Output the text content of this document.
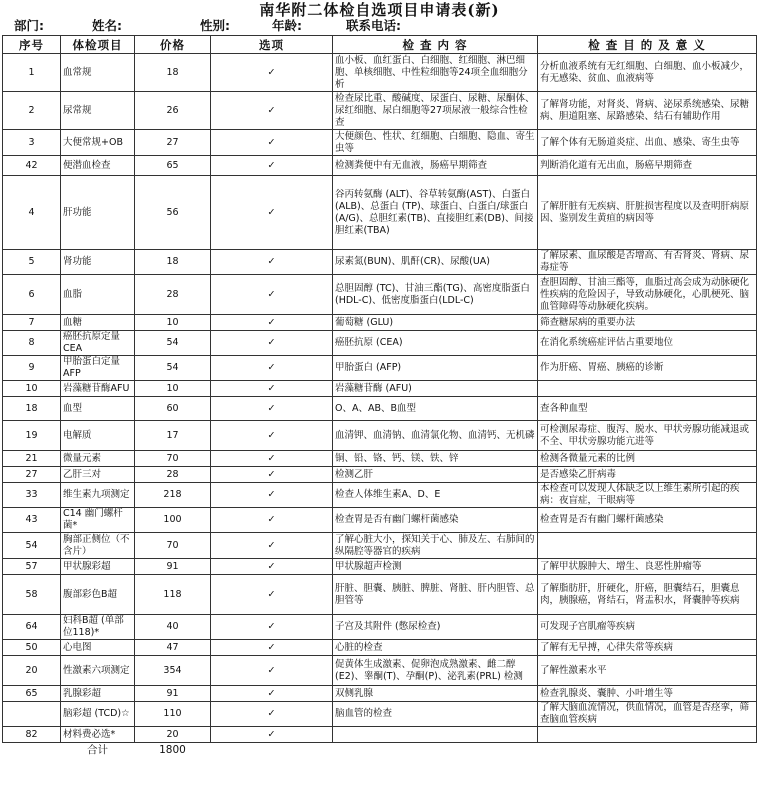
南华附二体检自选项目申请表(新)
部门:	姓名:	性别:	年龄:	联系电话:
序号	体检项目	价格	选项	检 查 内 容	检 查 目 的 及 意 义
1	血常规	18	✓	血小板、血红蛋白、白细胞、红细胞、淋巴细胞、单核细胞、中性粒细胞等24项全血细胞分析	分析血液系统有无红细胞、白细胞、血小板减少，有无感染、贫血、血液病等
2	尿常规	26	✓	检查尿比重、酸碱度、尿蛋白、尿糖、尿酮体、尿红细胞、尿白细胞等27项尿液一般综合性检查	了解肾功能，对肾炎、肾病、泌尿系统感染、尿糖病、胆道阻塞、尿路感染、结石有辅助作用
3	大便常规+OB	27	✓	大便颜色、性状、红细胞、白细胞、隐血、寄生虫等	了解个体有无肠道炎症、出血、感染、寄生虫等
42	便潜血检查	65	✓	检测粪便中有无血液，肠癌早期筛查	判断消化道有无出血，肠癌早期筛查
4	肝功能	56	✓	谷丙转氨酶 (ALT)、谷草转氨酶(AST)、白蛋白(ALB)、总蛋白 (TP)、球蛋白、白蛋白/球蛋白(A/G)、总胆红素(TB)、直接胆红素(DB)、间接胆红素(TBA)	了解肝脏有无疾病、肝脏损害程度以及查明肝病原因、鉴别发生黄疸的病因等
5	肾功能	18	✓	尿素氮(BUN)、肌酐(CR)、尿酸(UA)	了解尿素、血尿酸是否增高、有否肾炎、肾病、尿毒症等
6	血脂	28	✓	总胆固醇 (TC)、甘油三酯(TG)、高密度脂蛋白(HDL-C)、低密度脂蛋白(LDL-C)	查胆固醇、甘油三酯等，血脂过高会成为动脉硬化性疾病的危险因子，导致动脉硬化，心肌梗死、脑血管障碍等动脉硬化疾病。
7	血糖	10	✓	葡萄糖 (GLU)	筛查糖尿病的重要办法
8	癌胚抗原定量CEA	54	✓	癌胚抗原 (CEA)	在消化系统癌症评估占重要地位
9	甲胎蛋白定量AFP	54	✓	甲胎蛋白 (AFP)	作为肝癌、胃癌、胰癌的诊断
10	岩藻糖苷酶AFU	10	✓	岩藻糖苷酶 (AFU)	
18	血型	60	✓	O、A、AB、B血型	查各种血型
19	电解质	17	✓	血清钾、血清钠、血清氯化物、血清钙、无机磷	可检测尿毒症、腹泻、脱水、甲状旁腺功能减退或不全、甲状旁腺功能亢进等
21	微量元素	70	✓	铜、铅、铬、钙、镁、铁、锌	检测各微量元素的比例
27	乙肝三对	28	✓	检测乙肝	是否感染乙肝病毒
33	维生素九项测定	218	✓	检查人体维生素A、D、E	本检查可以发现人体缺乏以上维生素所引起的疾病：夜盲症，干眼病等
43	C14 幽门螺杆菌*	100	✓	检查胃是否有幽门螺杆菌感染	检查胃是否有幽门螺杆菌感染
54	胸部正侧位（不含片）	70	✓	了解心脏大小，探知关于心、肺及左、右肺间的纵隔腔等器官的疾病	
57	甲状腺彩超	91	✓	甲状腺超声检测	了解甲状腺肿大、增生、良恶性肿瘤等
58	腹部彩色B超	118	✓	肝脏、胆囊、胰脏、脾脏、肾脏、肝内胆管、总胆管等	了解脂肪肝，肝硬化，肝癌，胆囊结石，胆囊息肉，胰腺癌，肾结石，肾盂积水，肾囊肿等疾病
64	妇科B超 (单部位118)*	40	✓	子宫及其附件 (憋尿检查)	可发现子宫肌瘤等疾病
50	心电图	47	✓	心脏的检查	了解有无早搏，心律失常等疾病
20	性激素六项测定	354	✓	促黄体生成激素、促卵泡成熟激素、雌二醇(E2)、睾酮(T)、孕酮(P)、泌乳素(PRL) 检测	了解性激素水平
65	乳腺彩超	91	✓	双侧乳腺	检查乳腺炎、囊肿、小叶增生等
	脑彩超 (TCD)☆	110	✓	脑血管的检查	了解大脑血流情况，供血情况，血管是否痉挛，筛查脑血管疾病
82	材料费必选*	20	✓		
	合计	1800			
